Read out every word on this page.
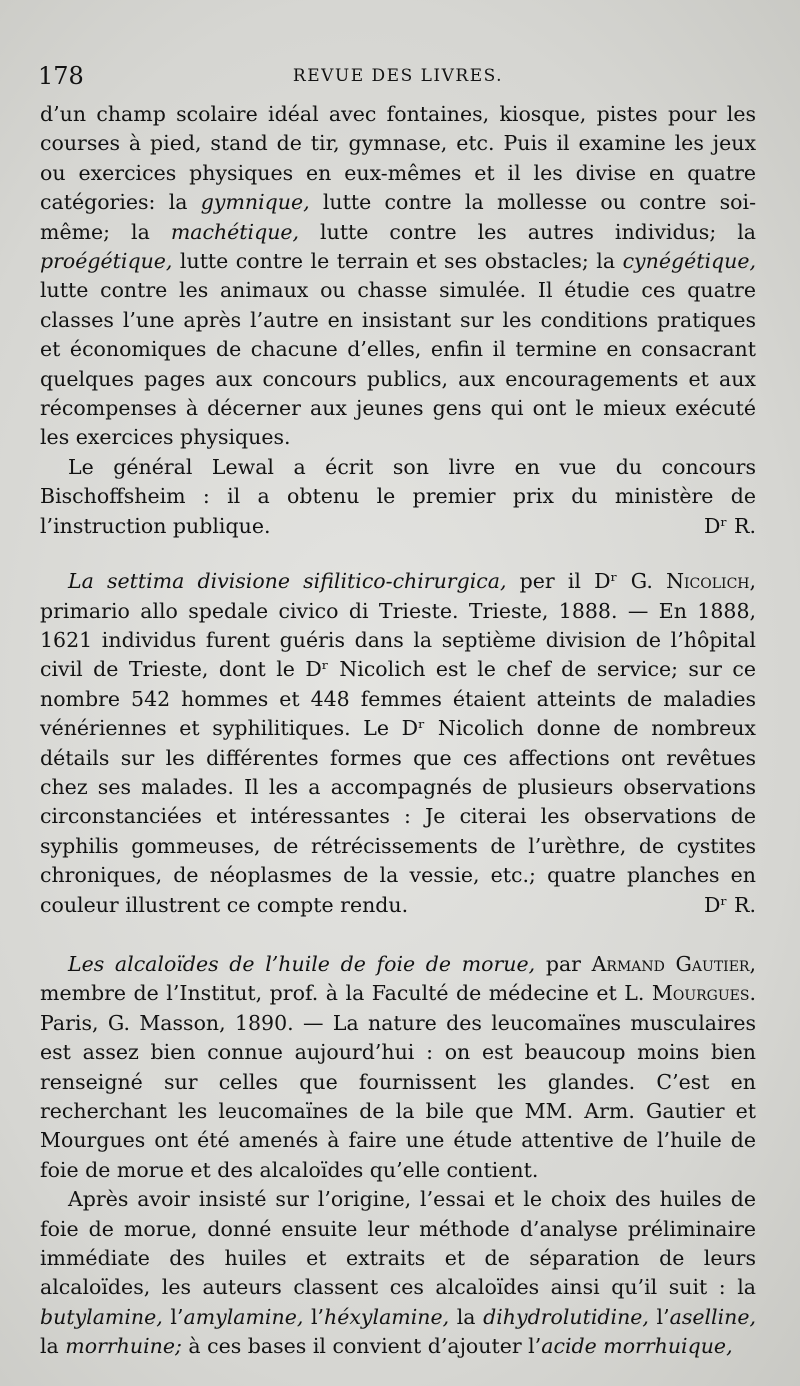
178	REVUE DES LIVRES.

d’un champ scolaire idéal avec fontaines, kiosque, pistes pour les courses à pied, stand de tir, gymnase, etc. Puis il examine les jeux ou exercices physiques en eux-mêmes et il les divise en quatre catégories: la gymnique, lutte contre la mollesse ou contre soi-même; la machétique, lutte contre les autres individus; la proégétique, lutte contre le terrain et ses obstacles; la cynégétique, lutte contre les animaux ou chasse simulée. Il étudie ces quatre classes l’une après l’autre en insistant sur les conditions pratiques et économiques de chacune d’elles, enfin il termine en consacrant quelques pages aux concours publics, aux encouragements et aux récompenses à décerner aux jeunes gens qui ont le mieux exécuté les exercices physiques.

Le général Lewal a écrit son livre en vue du concours Bischoffsheim : il a obtenu le premier prix du ministère de l’instruction publique.	Dʳ R.

La settima divisione sifilitico-chirurgica, per il Dʳ G. Nicolich, primario allo spedale civico di Trieste. Trieste, 1888. — En 1888, 1621 individus furent guéris dans la septième division de l’hôpital civil de Trieste, dont le Dʳ Nicolich est le chef de service; sur ce nombre 542 hommes et 448 femmes étaient atteints de maladies vénériennes et syphilitiques. Le Dʳ Nicolich donne de nombreux détails sur les différentes formes que ces affections ont revêtues chez ses malades. Il les a accompagnés de plusieurs observations circonstanciées et intéressantes : Je citerai les observations de syphilis gommeuses, de rétrécissements de l’urèthre, de cystites chroniques, de néoplasmes de la vessie, etc.; quatre planches en couleur illustrent ce compte rendu.	Dʳ R.

Les alcaloïdes de l’huile de foie de morue, par Armand Gautier, membre de l’Institut, prof. à la Faculté de médecine et L. Mourgues. Paris, G. Masson, 1890. — La nature des leucomaïnes musculaires est assez bien connue aujourd’hui : on est beaucoup moins bien renseigné sur celles que fournissent les glandes. C’est en recherchant les leucomaïnes de la bile que MM. Arm. Gautier et Mourgues ont été amenés à faire une étude attentive de l’huile de foie de morue et des alcaloïdes qu’elle contient.

Après avoir insisté sur l’origine, l’essai et le choix des huiles de foie de morue, donné ensuite leur méthode d’analyse préliminaire immédiate des huiles et extraits et de séparation de leurs alcaloïdes, les auteurs classent ces alcaloïdes ainsi qu’il suit : la butylamine, l’amylamine, l’héxylamine, la dihydrolutidine, l’aselline, la morrhuine; à ces bases il convient d’ajouter l’acide morrhuique,
